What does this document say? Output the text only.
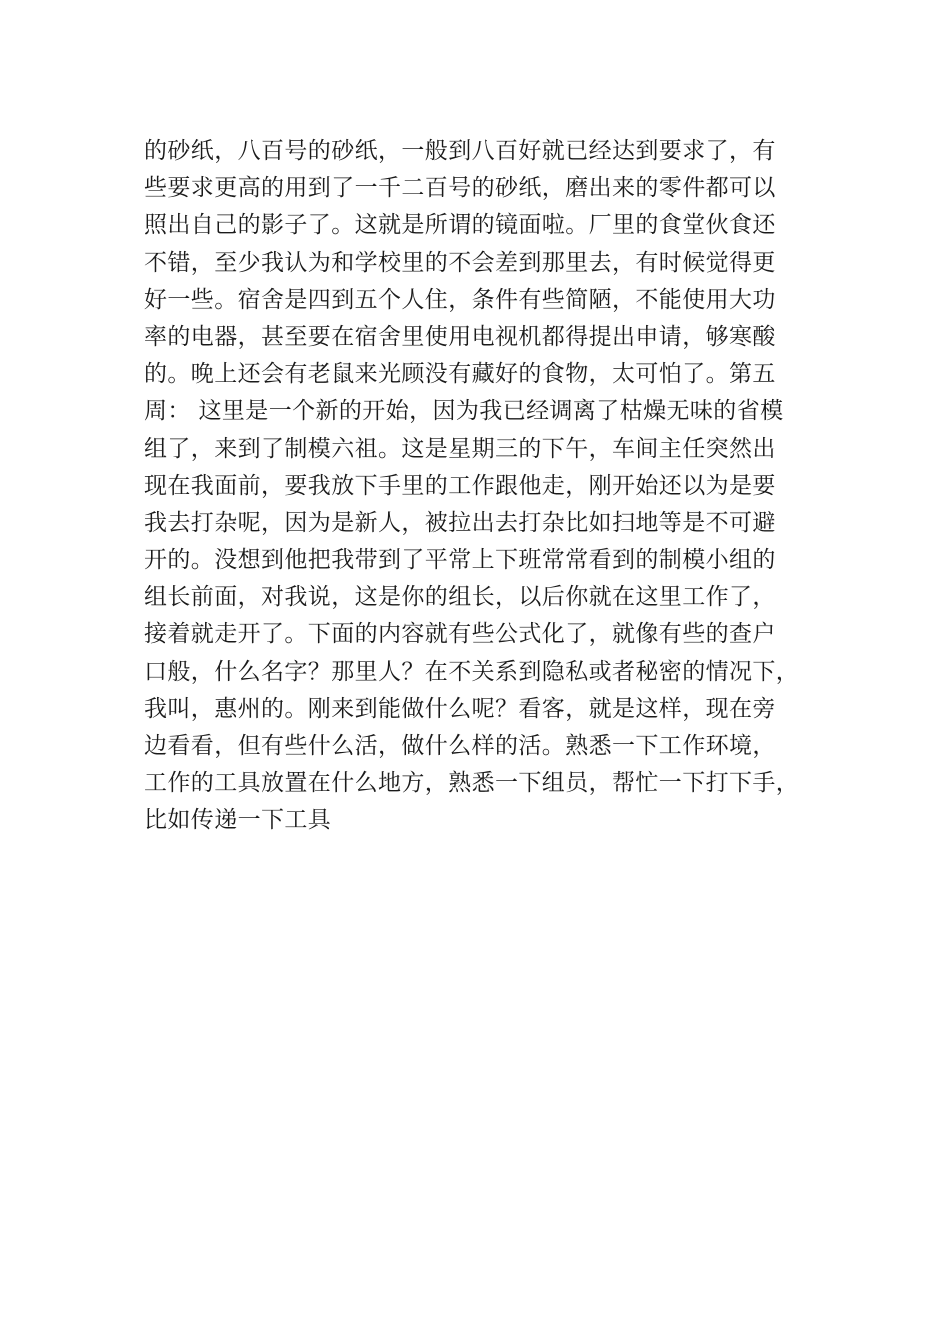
的砂纸，八百号的砂纸，一般到八百好就已经达到要求了，有
些要求更高的用到了一千二百号的砂纸，磨出来的零件都可以
照出自己的影子了。这就是所谓的镜面啦。厂里的食堂伙食还
不错，至少我认为和学校里的不会差到那里去，有时候觉得更
好一些。宿舍是四到五个人住，条件有些简陋，不能使用大功
率的电器，甚至要在宿舍里使用电视机都得提出申请，够寒酸
的。晚上还会有老鼠来光顾没有藏好的食物，太可怕了。第五
周： 这里是一个新的开始，因为我已经调离了枯燥无味的省模
组了，来到了制模六祖。这是星期三的下午，车间主任突然出
现在我面前，要我放下手里的工作跟他走，刚开始还以为是要
我去打杂呢，因为是新人，被拉出去打杂比如扫地等是不可避
开的。没想到他把我带到了平常上下班常常看到的制模小组的
组长前面，对我说，这是你的组长，以后你就在这里工作了，
接着就走开了。下面的内容就有些公式化了，就像有些的查户
口般，什么名字？那里人？在不关系到隐私或者秘密的情况下，
我叫，惠州的。刚来到能做什么呢？看客，就是这样，现在旁
边看看，但有些什么活，做什么样的活。熟悉一下工作环境，
工作的工具放置在什么地方，熟悉一下组员，帮忙一下打下手，
比如传递一下工具
